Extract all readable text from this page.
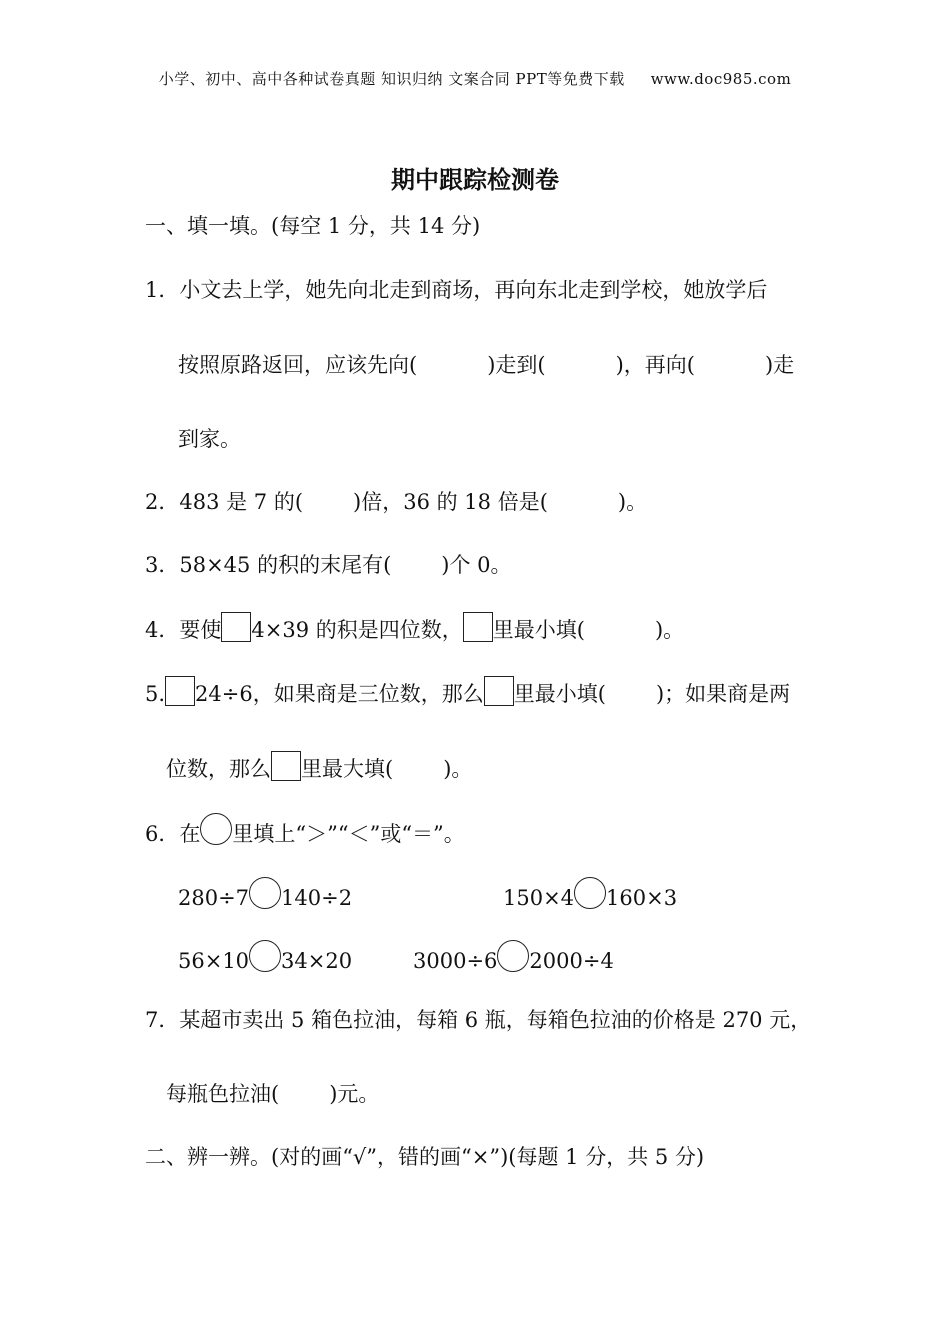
小学、初中、高中各种试卷真题 知识归纳 文案合同 PPT等免费下载 www.doc985.com
期中跟踪检测卷
一、填一填。(每空 1 分，共 14 分)
1．小文去上学，她先向北走到商场，再向东北走到学校，她放学后
按照原路返回，应该先向(	)走到(	)，再向(	)走
到家。
2．483 是 7 的( )倍，36 的 18 倍是(	)。
3．58×45 的积的末尾有( )个 0。
4．要使 4×39 的积是四位数， 里最小填(	)。
5. 24÷6，如果商是三位数，那么 里最小填( )；如果商是两
位数，那么 里最大填( )。
6．在 里填上“＞”“＜”或“＝”。
280÷7 140÷2	150×4 160×3
56×10 34×20	3000÷6 2000÷4
7．某超市卖出 5 箱色拉油，每箱 6 瓶，每箱色拉油的价格是 270 元，
每瓶色拉油( )元。
二、辨一辨。(对的画“√”，错的画“×”)(每题 1 分，共 5 分)
